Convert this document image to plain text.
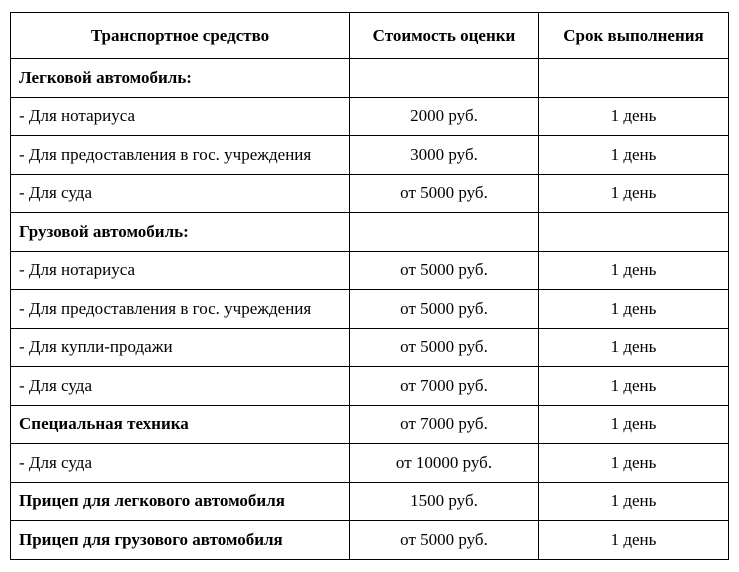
Транспортное средство	Стоимость оценки	Срок выполнения
Легковой автомобиль:		
- Для нотариуса	2000 руб.	1 день
- Для предоставления в гос. учреждения	3000 руб.	1 день
- Для суда	от 5000 руб.	1 день
Грузовой автомобиль:		
- Для нотариуса	от 5000 руб.	1 день
- Для предоставления в гос. учреждения	от 5000 руб.	1 день
- Для купли-продажи	от 5000 руб.	1 день
- Для суда	от 7000 руб.	1 день
Специальная техника	от 7000 руб.	1 день
- Для суда	от 10000 руб.	1 день
Прицеп для легкового автомобиля	1500 руб.	1 день
Прицеп для грузового автомобиля	от 5000 руб.	1 день
